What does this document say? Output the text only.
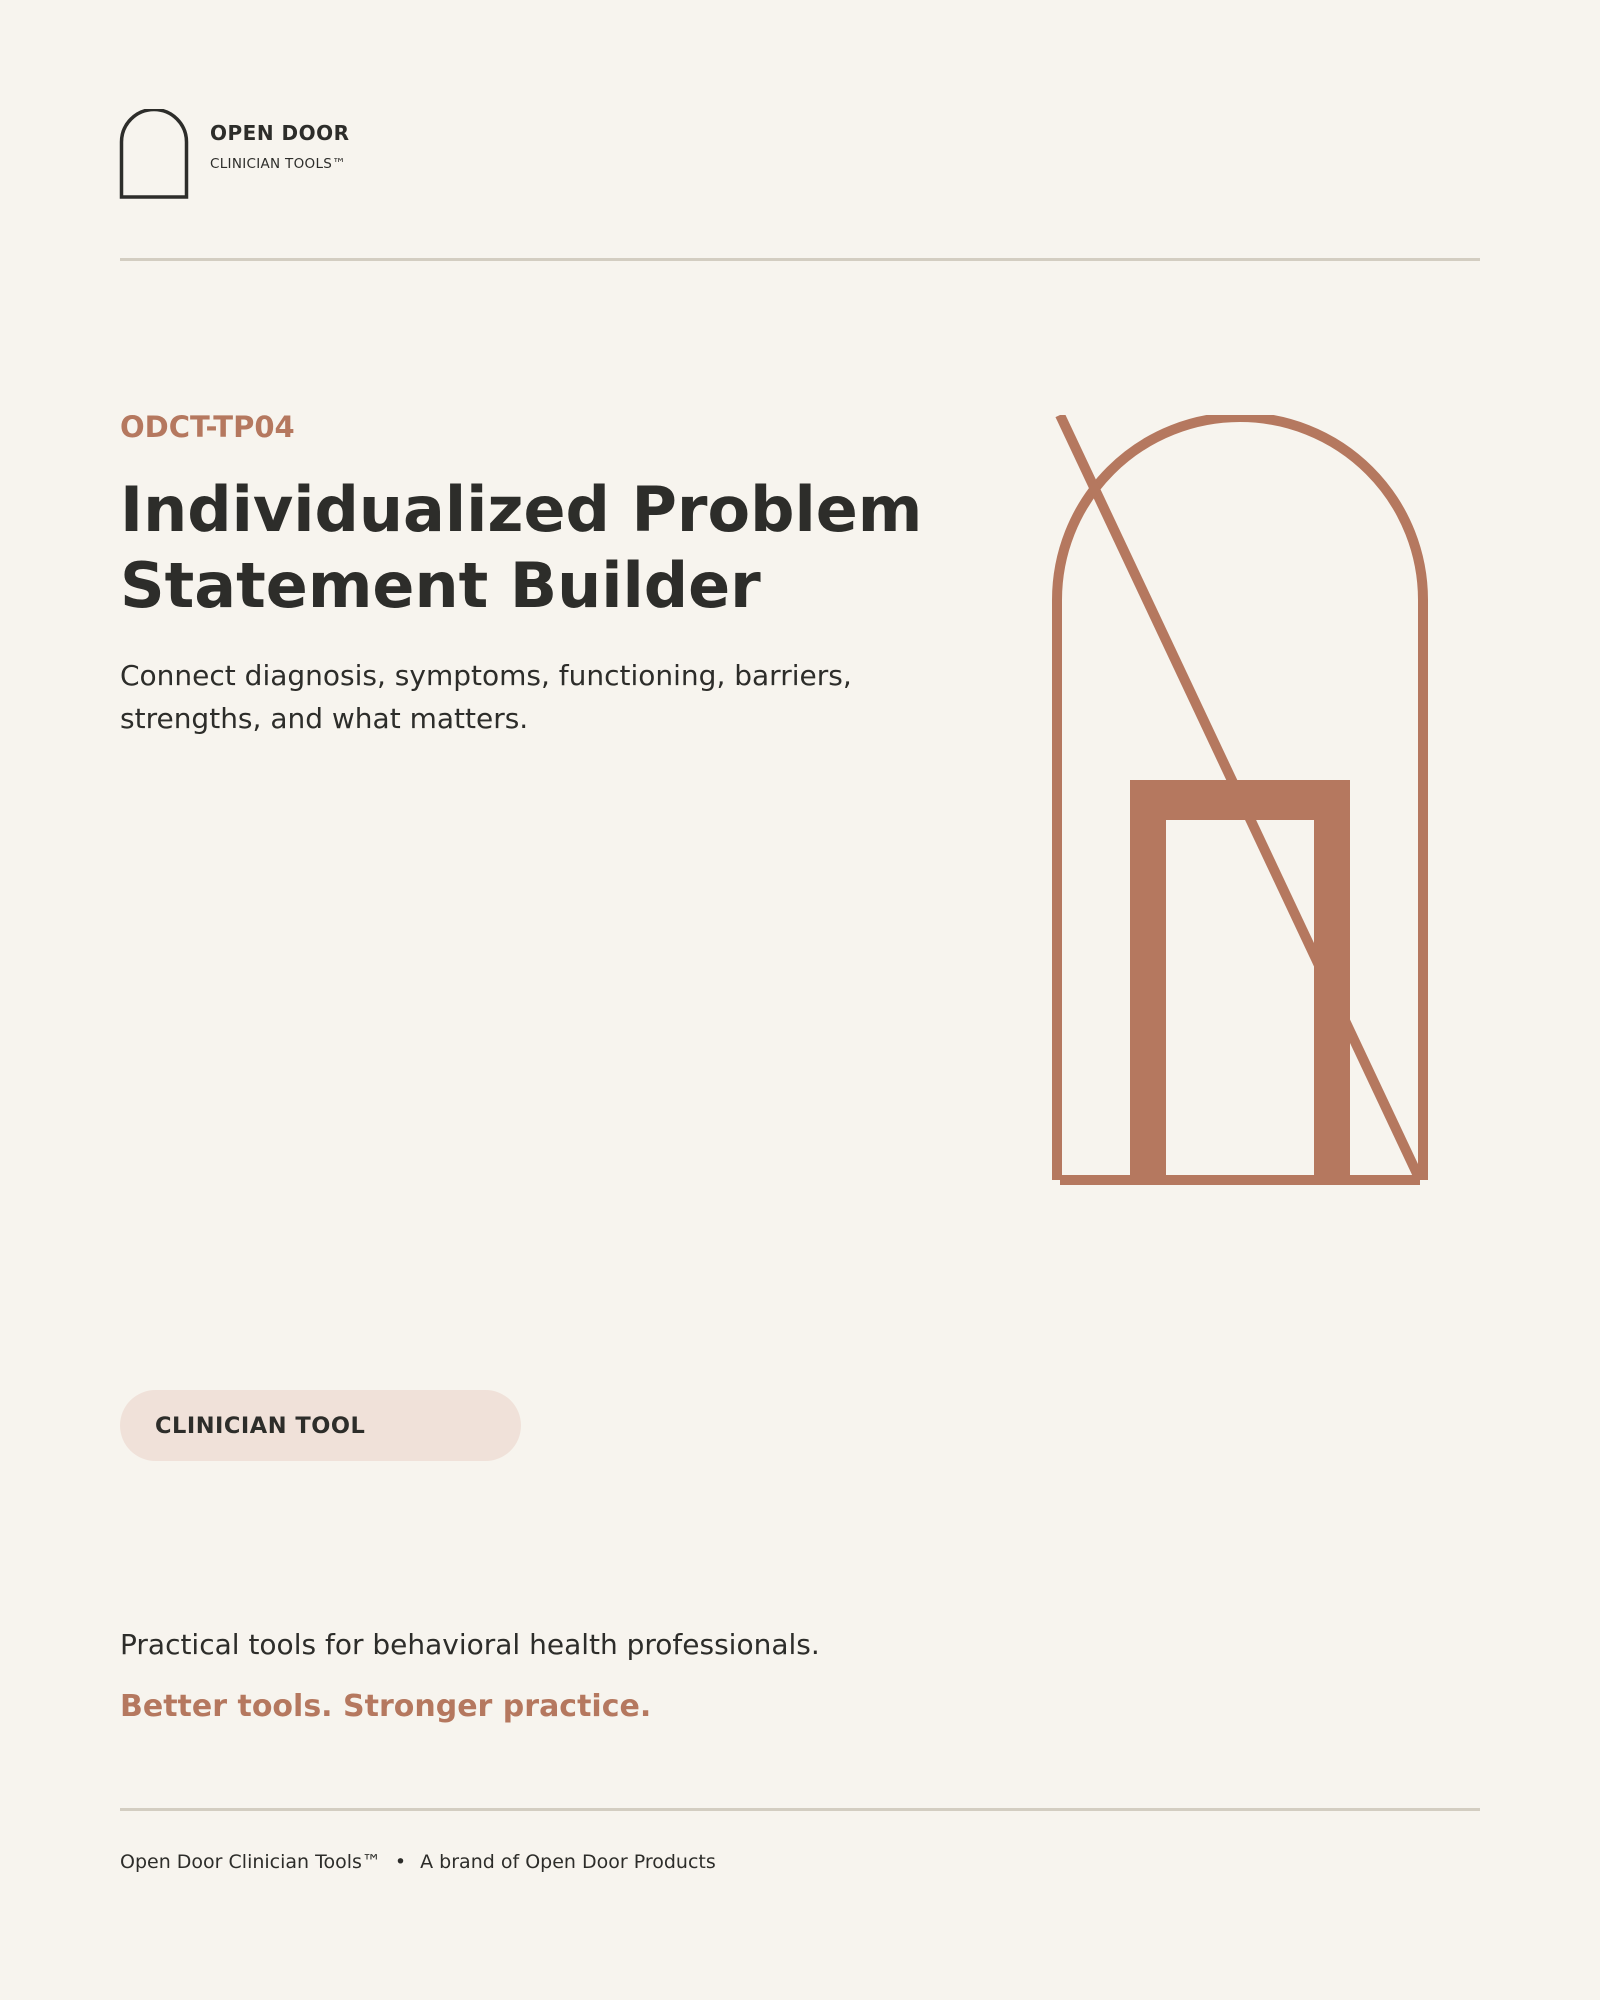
OPEN DOOR
CLINICIAN TOOLS™
ODCT-TP04
Individualized Problem Statement Builder

Connect diagnosis, symptoms, functioning, barriers, strengths, and what matters.

CLINICIAN TOOL
Practical tools for behavioral health professionals.
Better tools. Stronger practice.
Open Door Clinician Tools™ • A brand of Open Door Products
